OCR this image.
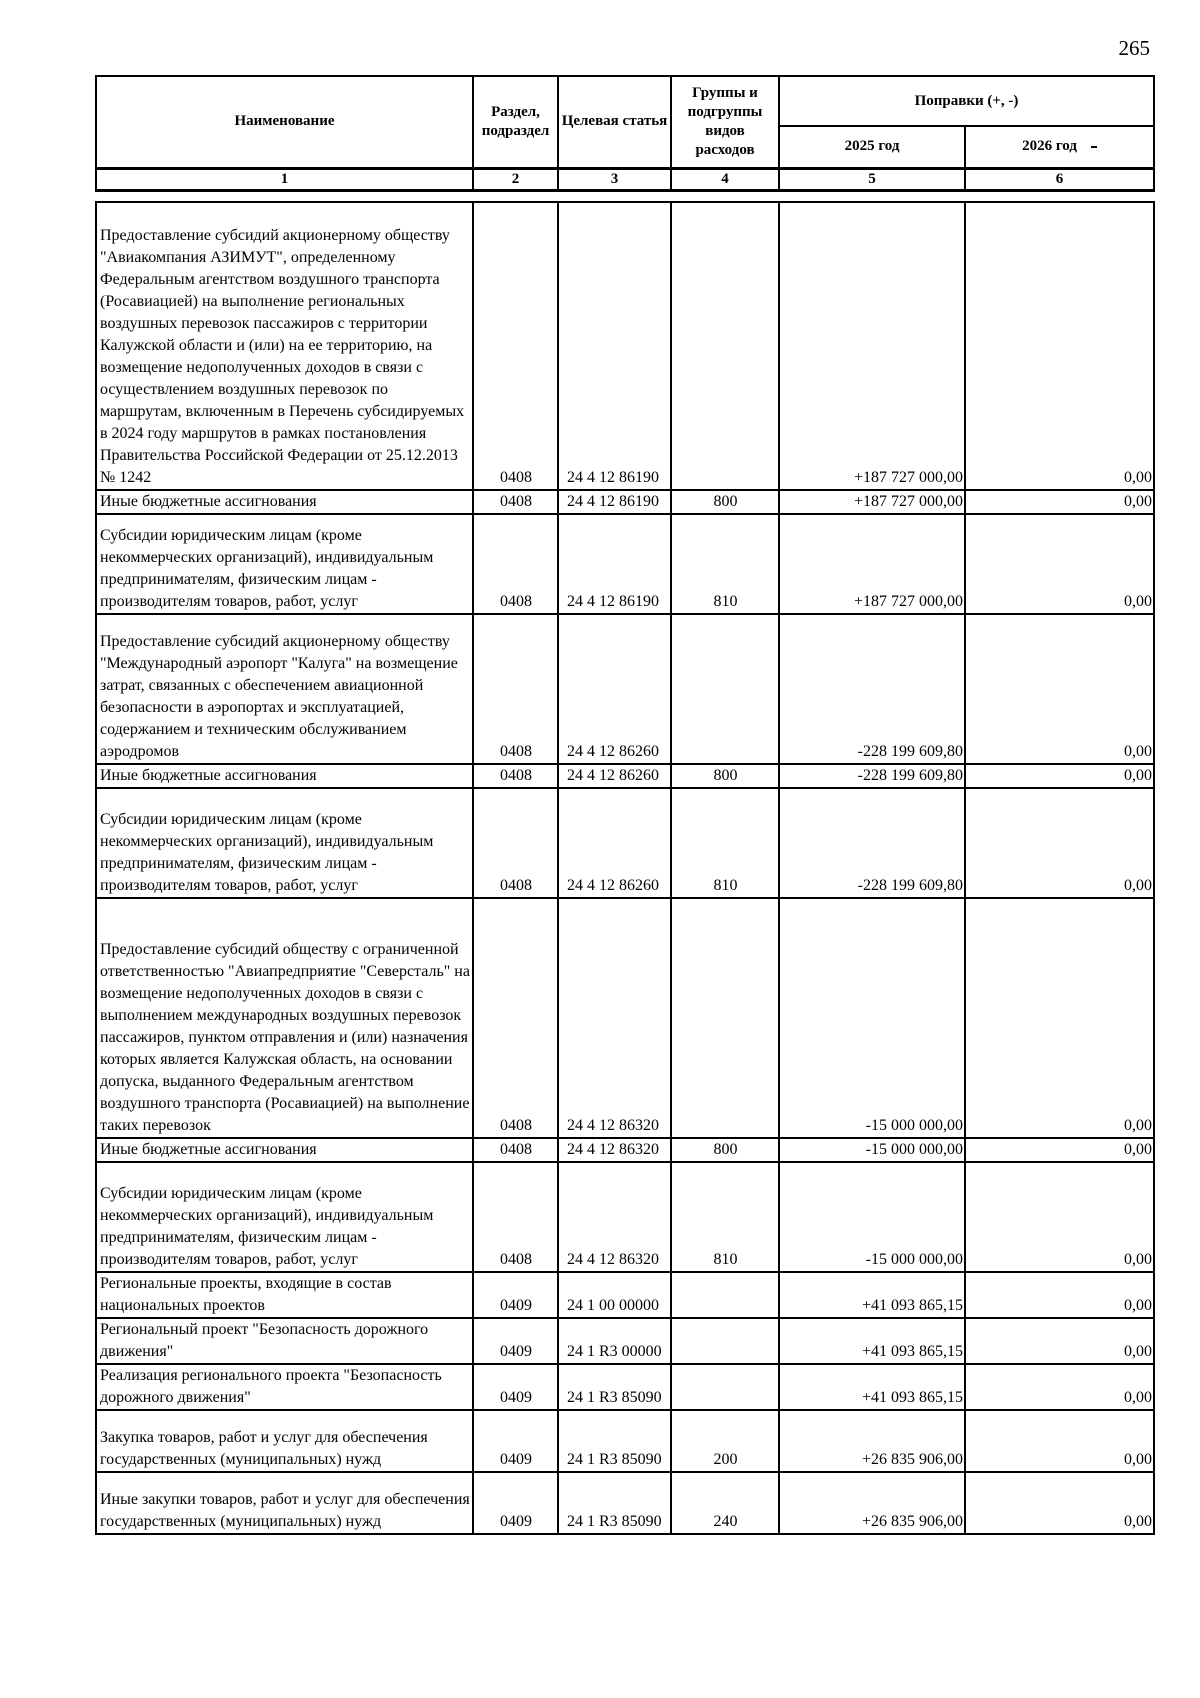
265
Наименование	Раздел, подраздел	Целевая статья	Группы и подгруппы видов расходов	Поправки (+, -)	
				2025 год	2026 год
1	2	3	4	5	6
Предоставление субсидий акционерному обществу "Авиакомпания АЗИМУТ", определенному Федеральным агентством воздушного транспорта (Росавиацией) на выполнение региональных воздушных перевозок пассажиров с территории Калужской области и (или) на ее территорию, на возмещение недополученных доходов в связи с осуществлением воздушных перевозок по маршрутам, включенным в Перечень субсидируемых в 2024 году маршрутов в рамках постановления Правительства Российской Федерации от 25.12.2013 № 1242	0408	24 4 12 86190		+187 727 000,00	0,00
Иные бюджетные ассигнования	0408	24 4 12 86190	800	+187 727 000,00	0,00
Субсидии юридическим лицам (кроме некоммерческих организаций), индивидуальным предпринимателям, физическим лицам - производителям товаров, работ, услуг	0408	24 4 12 86190	810	+187 727 000,00	0,00
Предоставление субсидий акционерному обществу "Международный аэропорт "Калуга" на возмещение затрат, связанных с обеспечением авиационной безопасности в аэропортах и эксплуатацией, содержанием и техническим обслуживанием аэродромов	0408	24 4 12 86260		-228 199 609,80	0,00
Иные бюджетные ассигнования	0408	24 4 12 86260	800	-228 199 609,80	0,00
Субсидии юридическим лицам (кроме некоммерческих организаций), индивидуальным предпринимателям, физическим лицам - производителям товаров, работ, услуг	0408	24 4 12 86260	810	-228 199 609,80	0,00
Предоставление субсидий обществу с ограниченной ответственностью "Авиапредприятие "Северсталь" на возмещение недополученных доходов в связи с выполнением международных воздушных перевозок пассажиров, пунктом отправления и (или) назначения которых является Калужская область, на основании допуска, выданного Федеральным агентством воздушного транспорта (Росавиацией) на выполнение таких перевозок	0408	24 4 12 86320		-15 000 000,00	0,00
Иные бюджетные ассигнования	0408	24 4 12 86320	800	-15 000 000,00	0,00
Субсидии юридическим лицам (кроме некоммерческих организаций), индивидуальным предпринимателям, физическим лицам - производителям товаров, работ, услуг	0408	24 4 12 86320	810	-15 000 000,00	0,00
Региональные проекты, входящие в состав национальных проектов	0409	24 1 00 00000		+41 093 865,15	0,00
Региональный проект "Безопасность дорожного движения"	0409	24 1 R3 00000		+41 093 865,15	0,00
Реализация регионального проекта "Безопасность дорожного движения"	0409	24 1 R3 85090		+41 093 865,15	0,00
Закупка товаров, работ и услуг для обеспечения государственных (муниципальных) нужд	0409	24 1 R3 85090	200	+26 835 906,00	0,00
Иные закупки товаров, работ и услуг для обеспечения государственных (муниципальных) нужд	0409	24 1 R3 85090	240	+26 835 906,00	0,00
